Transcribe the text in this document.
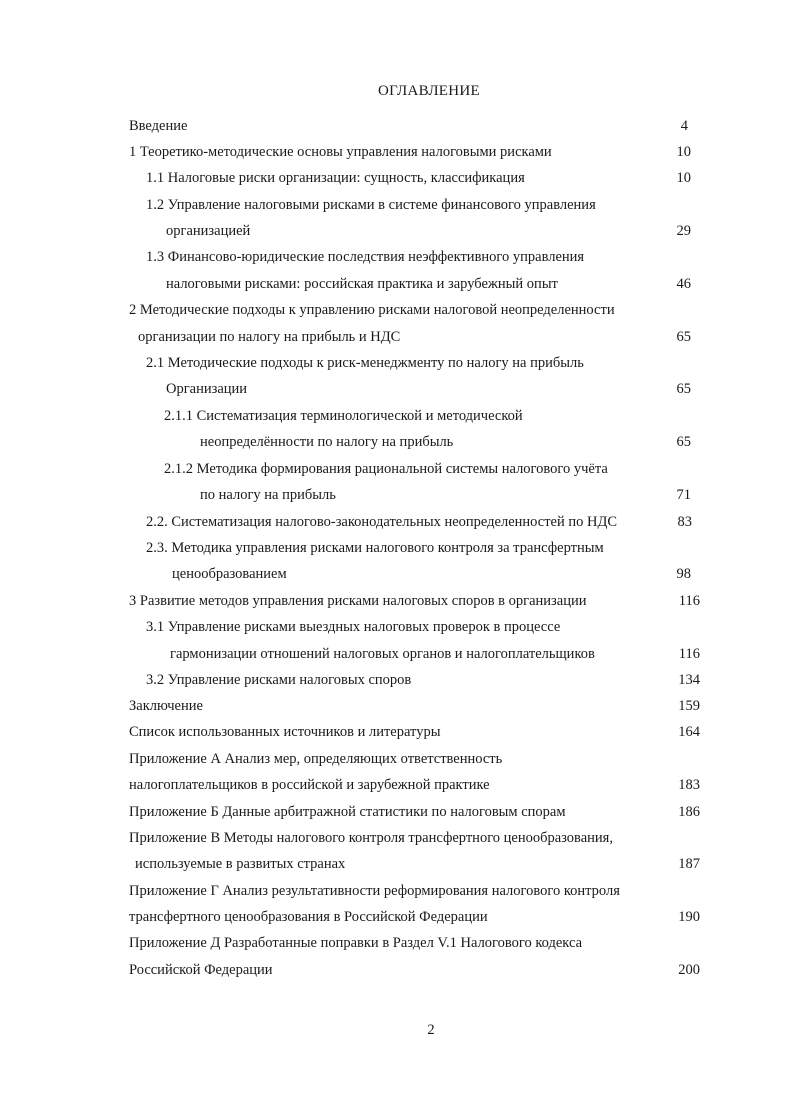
ОГЛАВЛЕНИЕ
Введение
1 Теоретико-методические основы управления налоговыми рисками
1.1 Налоговые риски организации: сущность, классификация
1.2 Управление налоговыми рисками в системе финансового управления
организацией
1.3 Финансово-юридические последствия неэффективного управления
налоговыми рисками: российская практика и зарубежный опыт
2 Методические подходы к управлению рисками налоговой неопределенности
организации по налогу на прибыль и НДС
2.1 Методические подходы к риск-менеджменту по налогу на прибыль
Организации
2.1.1 Систематизация терминологической и методической
неопределённости по налогу на прибыль
2.1.2 Методика формирования рациональной системы налогового учёта
по налогу на прибыль
2.2. Систематизация налогово-законодательных неопределенностей по НДС
2.3. Методика управления рисками налогового контроля за трансфертным
ценообразованием
3 Развитие методов управления рисками налоговых споров в организации
3.1 Управление рисками выездных налоговых проверок в процессе
гармонизации отношений налоговых органов и налогоплательщиков
3.2 Управление рисками налоговых споров
Заключение
Список использованных источников и литературы
Приложение А Анализ мер, определяющих ответственность
налогоплательщиков в российской и зарубежной практике
Приложение Б Данные арбитражной статистики по налоговым спорам
Приложение В Методы налогового контроля трансфертного ценообразования,
используемые в развитых странах
Приложение Г Анализ результативности реформирования налогового контроля
трансфертного ценообразования в Российской Федерации
Приложение Д Разработанные поправки в Раздел V.1 Налогового кодекса
Российской Федерации
4
10
10
29
46
65
65
65
71
83
98
116
116
134
159
164
183
186
187
190
200
2
